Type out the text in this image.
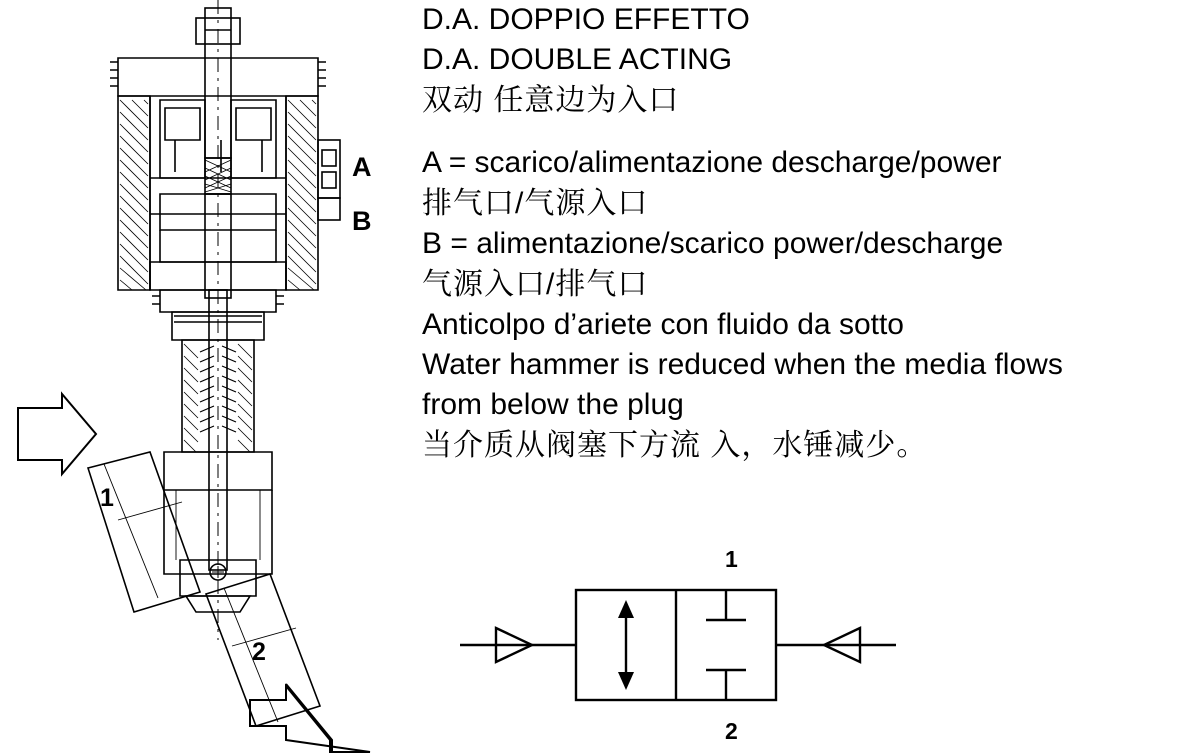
1
2
A
B
D.A. DOPPIO EFFETTO
D.A. DOUBLE ACTING
双动 任意边为入口
A = scarico/alimentazione descharge/power
排气口/气源入口
B = alimentazione/scarico power/descharge
气源入口/排气口
Anticolpo d’ariete con fluido da sotto
Water hammer is reduced when the media flows
from below the plug
当介质从阀塞下方流 入，水锤减少。
1
2
